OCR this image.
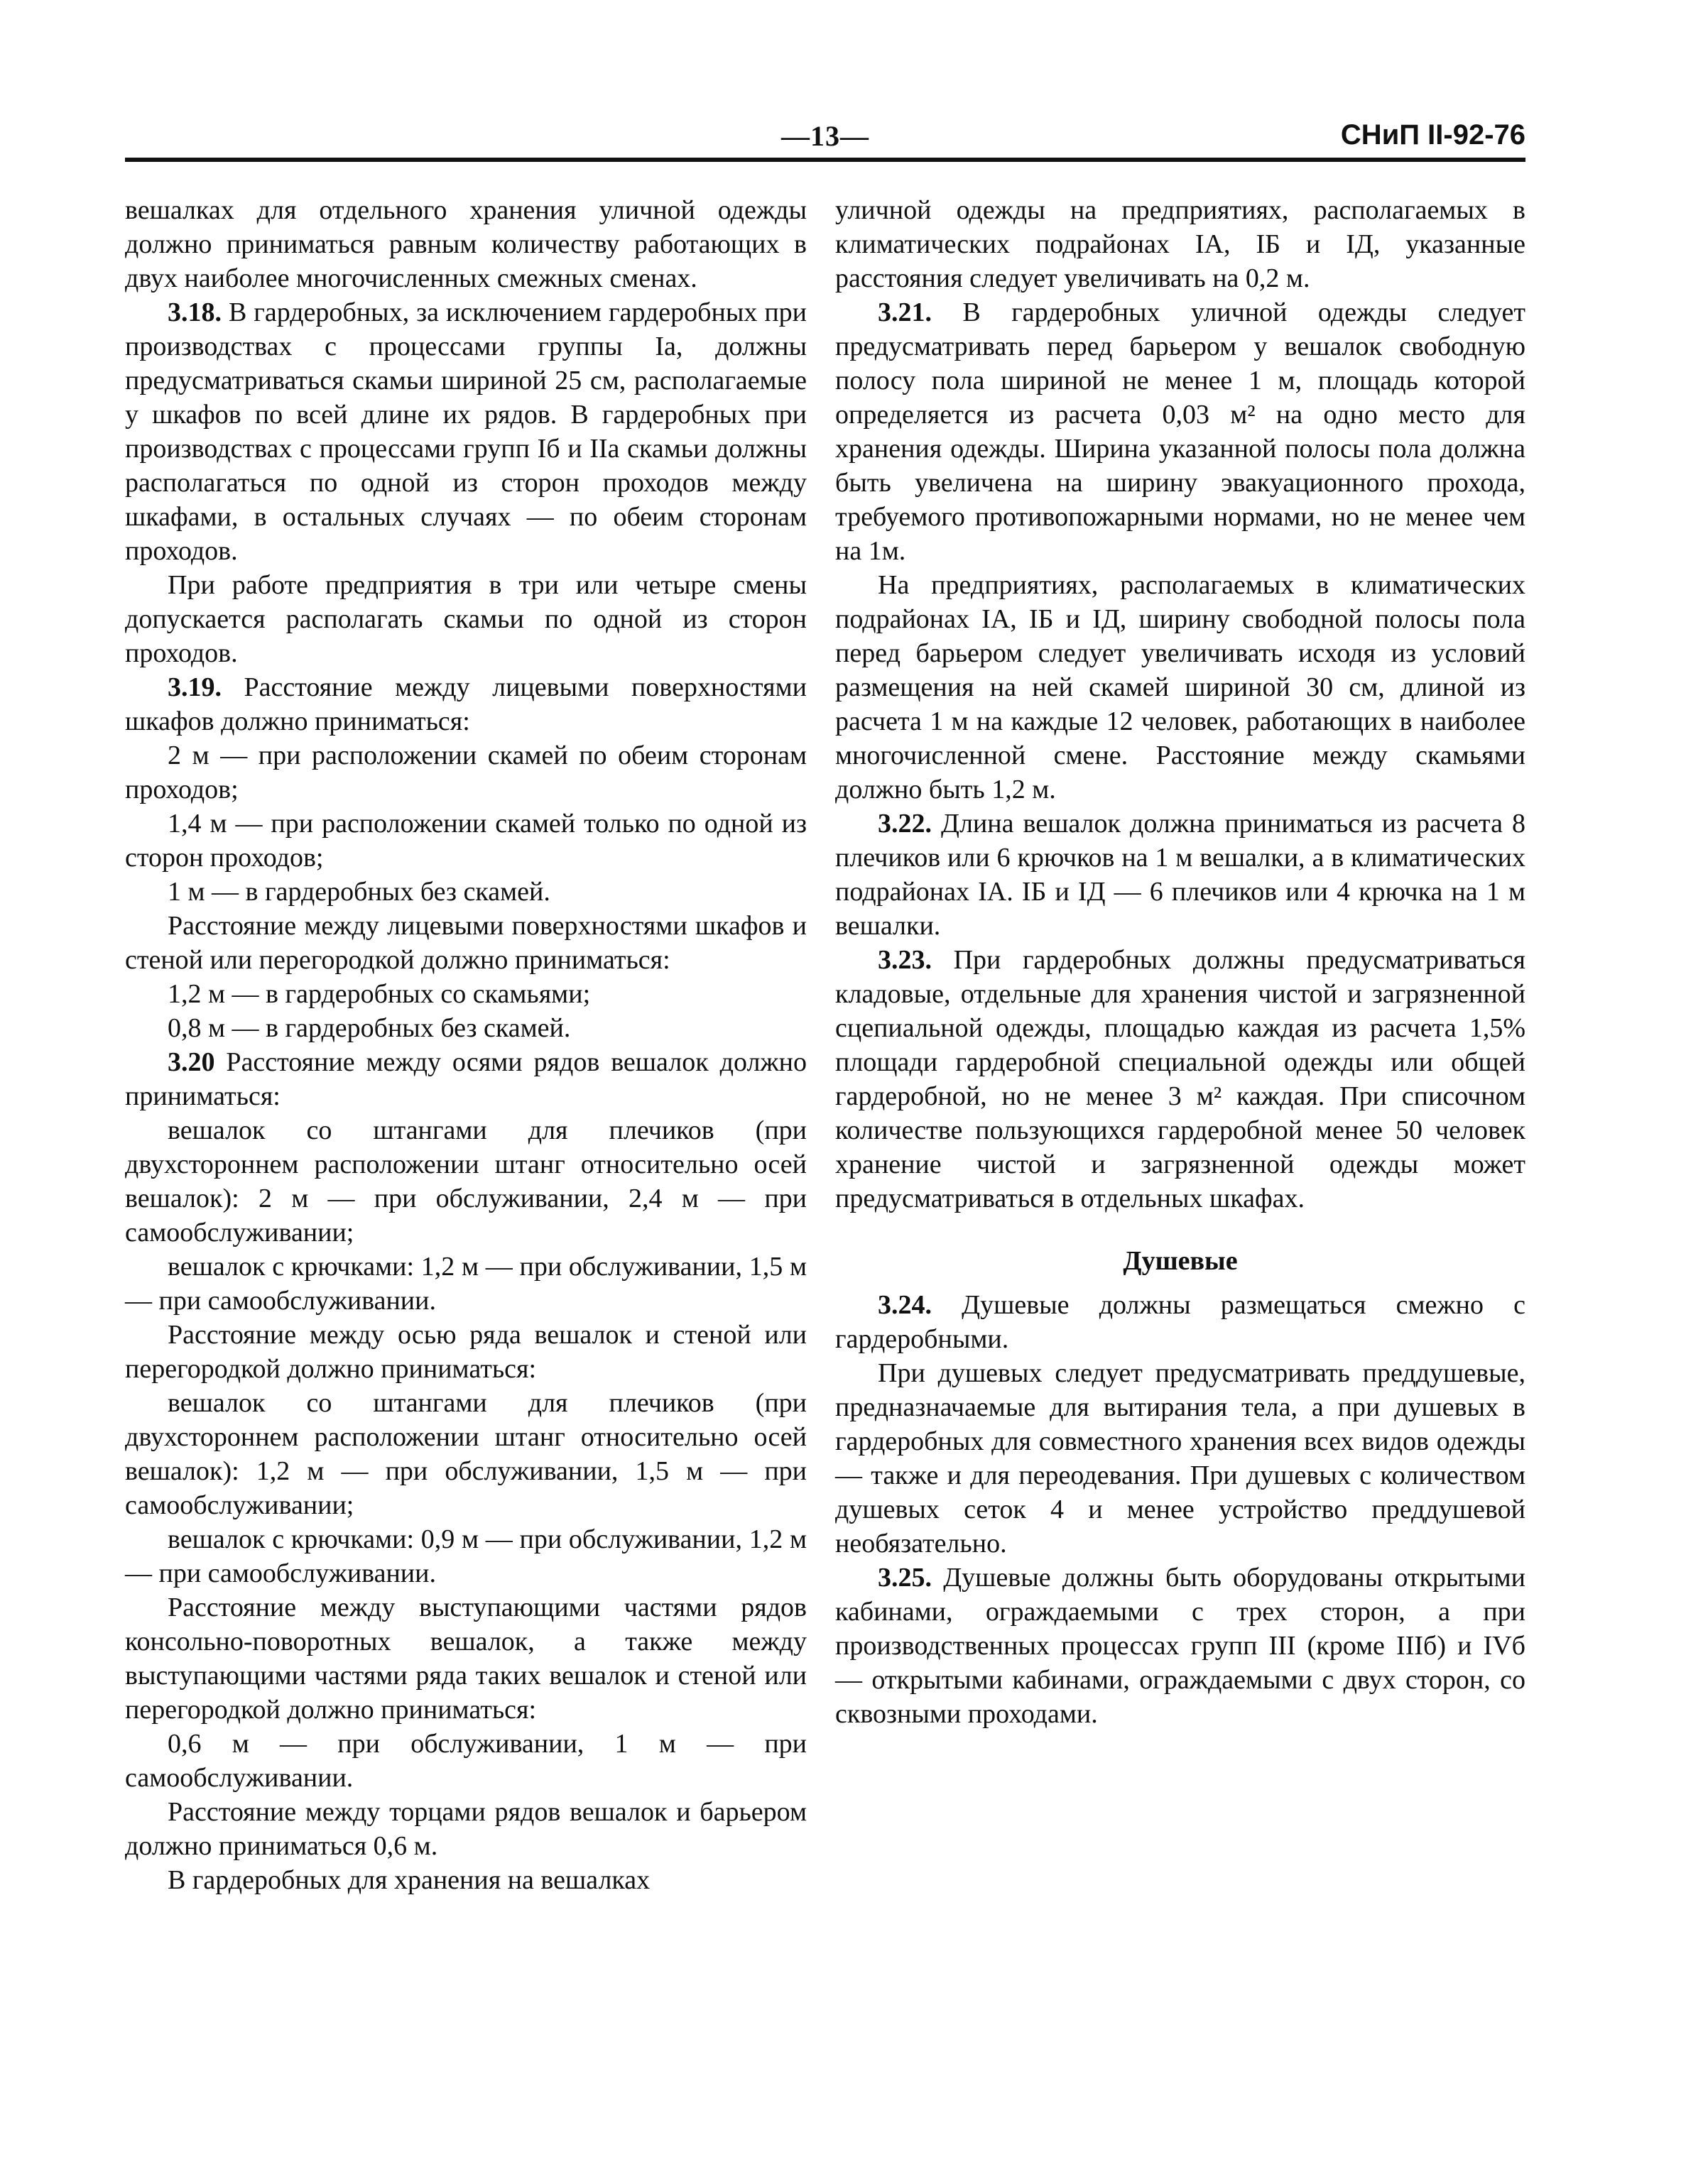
—13—	СНиП II-92-76

вешалках для отдельного хранения уличной одежды должно приниматься равным количеству работающих в двух наиболее многочисленных смежных сменах.

3.18. В гардеробных, за исключением гардеробных при производствах с процессами группы Iа, должны предусматриваться скамьи шириной 25 см, располагаемые у шкафов по всей длине их рядов. В гардеробных при производствах с процессами групп Iб и IIа скамьи должны располагаться по одной из сторон проходов между шкафами, в остальных случаях — по обеим сторонам проходов.

При работе предприятия в три или четыре смены допускается располагать скамьи по одной из сторон проходов.

3.19. Расстояние между лицевыми поверхностями шкафов должно приниматься:

2 м — при расположении скамей по обеим сторонам проходов;

1,4 м — при расположении скамей только по одной из сторон проходов;

1 м — в гардеробных без скамей.

Расстояние между лицевыми поверхностями шкафов и стеной или перегородкой должно приниматься:

1,2 м — в гардеробных со скамьями;

0,8 м — в гардеробных без скамей.

3.20 Расстояние между осями рядов вешалок должно приниматься:

вешалок со штангами для плечиков (при двухстороннем расположении штанг относительно осей вешалок): 2 м — при обслуживании, 2,4 м — при самообслуживании;

вешалок с крючками: 1,2 м — при обслуживании, 1,5 м — при самообслуживании.

Расстояние между осью ряда вешалок и стеной или перегородкой должно приниматься:

вешалок со штангами для плечиков (при двухстороннем расположении штанг относительно осей вешалок): 1,2 м — при обслуживании, 1,5 м — при самообслуживании;

вешалок с крючками: 0,9 м — при обслуживании, 1,2 м — при самообслуживании.

Расстояние между выступающими частями рядов консольно-поворотных вешалок, а также между выступающими частями ряда таких вешалок и стеной или перегородкой должно приниматься:

0,6 м — при обслуживании, 1 м — при самообслуживании.

Расстояние между торцами рядов вешалок и барьером должно приниматься 0,6 м.

В гардеробных для хранения на вешалках

уличной одежды на предприятиях, располагаемых в климатических подрайонах IА, IБ и IД, указанные расстояния следует увеличивать на 0,2 м.

3.21. В гардеробных уличной одежды следует предусматривать перед барьером у вешалок свободную полосу пола шириной не менее 1 м, площадь которой определяется из расчета 0,03 м² на одно место для хранения одежды. Ширина указанной полосы пола должна быть увеличена на ширину эвакуационного прохода, требуемого противопожарными нормами, но не менее чем на 1м.

На предприятиях, располагаемых в климатических подрайонах IА, IБ и IД, ширину свободной полосы пола перед барьером следует увеличивать исходя из условий размещения на ней скамей шириной 30 см, длиной из расчета 1 м на каждые 12 человек, работающих в наиболее многочисленной смене. Расстояние между скамьями должно быть 1,2 м.

3.22. Длина вешалок должна приниматься из расчета 8 плечиков или 6 крючков на 1 м вешалки, а в климатических подрайонах IА. IБ и IД — 6 плечиков или 4 крючка на 1 м вешалки.

3.23. При гардеробных должны предусматриваться кладовые, отдельные для хранения чистой и загрязненной сцепиальной одежды, площадью каждая из расчета 1,5% площади гардеробной специальной одежды или общей гардеробной, но не менее 3 м² каждая. При списочном количестве пользующихся гардеробной менее 50 человек хранение чистой и загрязненной одежды может предусматриваться в отдельных шкафах.

Душевые

3.24. Душевые должны размещаться смежно с гардеробными.

При душевых следует предусматривать преддушевые, предназначаемые для вытирания тела, а при душевых в гардеробных для совместного хранения всех видов одежды — также и для переодевания. При душевых с количеством душевых сеток 4 и менее устройство преддушевой необязательно.

3.25. Душевые должны быть оборудованы открытыми кабинами, ограждаемыми с трех сторон, а при производственных процессах групп III (кроме IIIб) и IVб — открытыми кабинами, ограждаемыми с двух сторон, со сквозными проходами.
